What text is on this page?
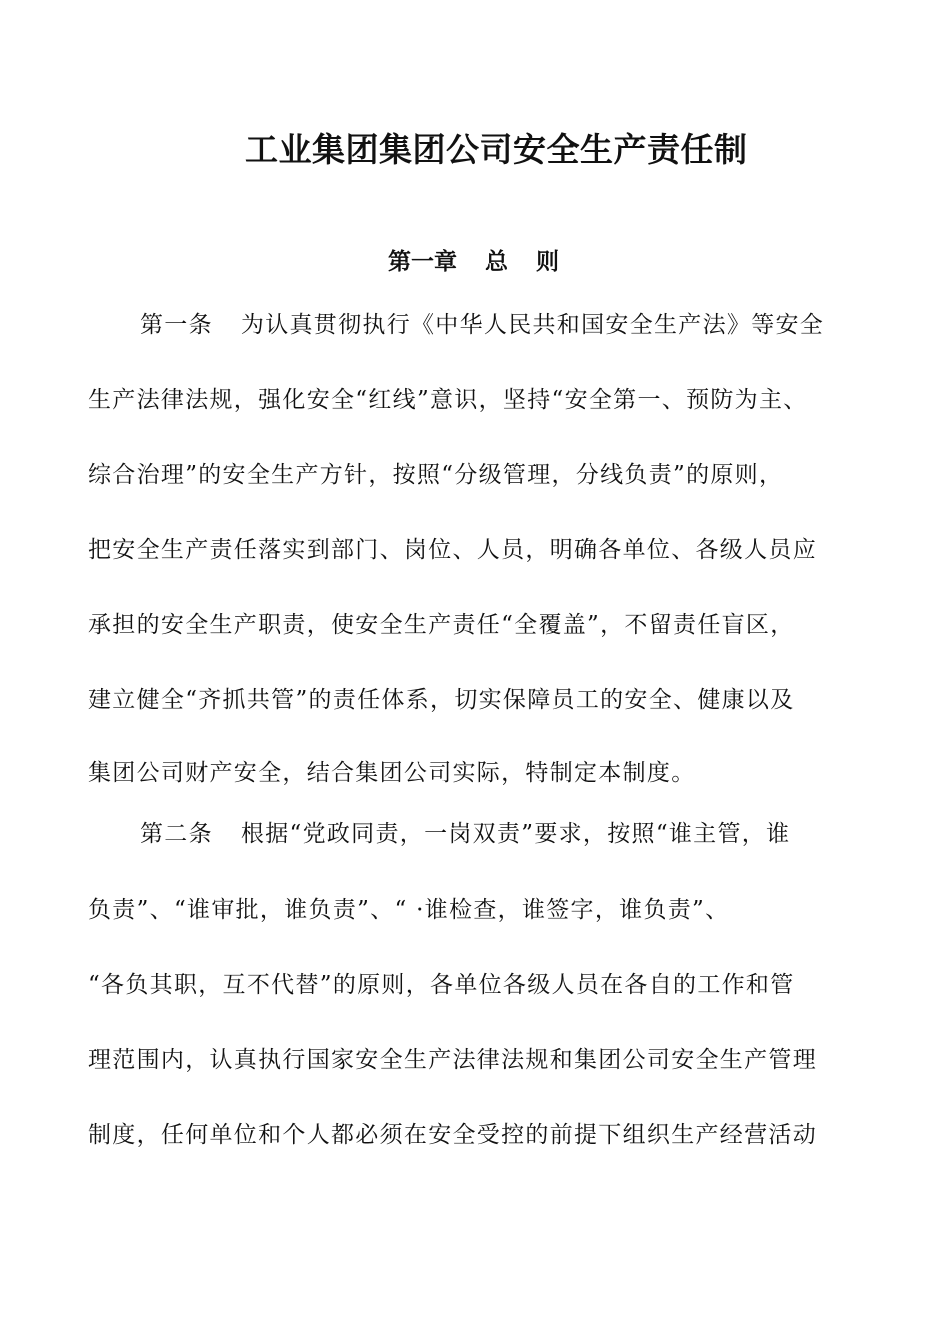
工业集团集团公司安全生产责任制
第一章 总 则
第一条 为认真贯彻执行《中华人民共和国安全生产法》等安全
生产法律法规，强化安全“红线”意识，坚持“安全第一、预防为主、
综合治理”的安全生产方针，按照“分级管理，分线负责”的原则，
把安全生产责任落实到部门、岗位、人员，明确各单位、各级人员应
承担的安全生产职责，使安全生产责任“全覆盖”，不留责任盲区，
建立健全“齐抓共管”的责任体系，切实保障员工的安全、健康以及
集团公司财产安全，结合集团公司实际，特制定本制度。
第二条 根据“党政同责，一岗双责”要求，按照“谁主管，谁
负责”、“谁审批，谁负责”、“ ·谁检查，谁签字，谁负责”、
“各负其职，互不代替”的原则，各单位各级人员在各自的工作和管
理范围内，认真执行国家安全生产法律法规和集团公司安全生产管理
制度，任何单位和个人都必须在安全受控的前提下组织生产经营活动
